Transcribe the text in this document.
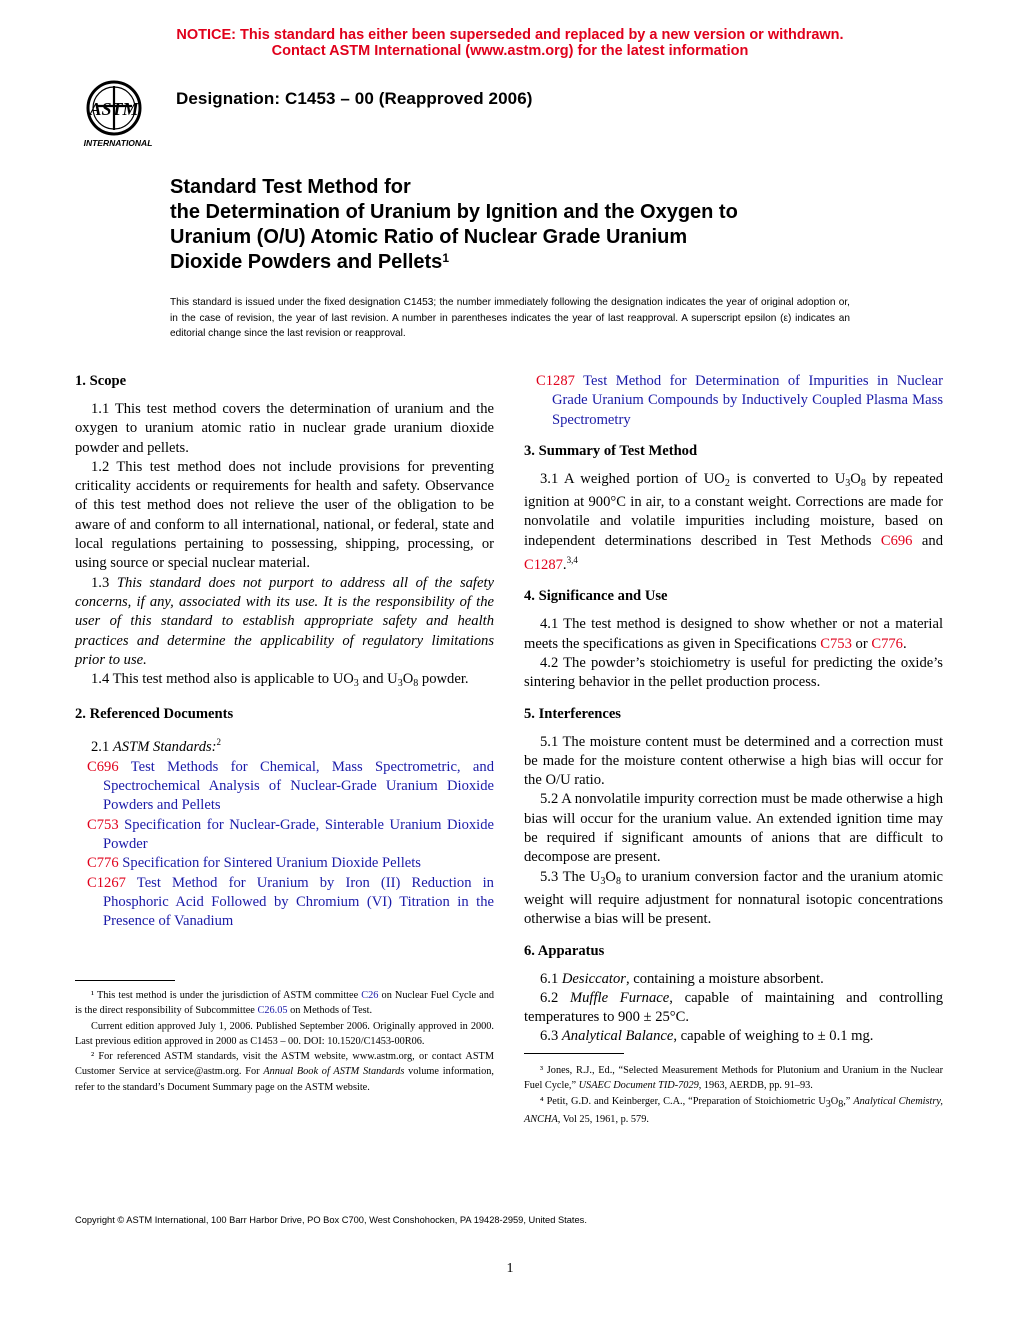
NOTICE: This standard has either been superseded and replaced by a new version or withdrawn.
Contact ASTM International (www.astm.org) for the latest information
ASTM
INTERNATIONAL
Designation: C1453 – 00 (Reapproved 2006)
Standard Test Method for
the Determination of Uranium by Ignition and the Oxygen to
Uranium (O/U) Atomic Ratio of Nuclear Grade Uranium
Dioxide Powders and Pellets$^1$
This standard is issued under the fixed designation C1453; the number immediately following the designation indicates the year of original adoption or, in the case of revision, the year of last revision. A number in parentheses indicates the year of last reapproval. A superscript epsilon (ε) indicates an editorial change since the last revision or reapproval.
1. Scope

1.1 This test method covers the determination of uranium and the oxygen to uranium atomic ratio in nuclear grade uranium dioxide powder and pellets.

1.2 This test method does not include provisions for preventing criticality accidents or requirements for health and safety. Observance of this test method does not relieve the user of the obligation to be aware of and conform to all international, national, or federal, state and local regulations pertaining to possessing, shipping, processing, or using source or special nuclear material.

1.3 This standard does not purport to address all of the safety concerns, if any, associated with its use. It is the responsibility of the user of this standard to establish appropriate safety and health practices and determine the applicability of regulatory limitations prior to use.

1.4 This test method also is applicable to $UO_3$ and $U_3O_8$ powder.

2. Referenced Documents

2.1 ASTM Standards:$^2$

C696 Test Methods for Chemical, Mass Spectrometric, and Spectrochemical Analysis of Nuclear-Grade Uranium Dioxide Powders and Pellets

C753 Specification for Nuclear-Grade, Sinterable Uranium Dioxide Powder

C776 Specification for Sintered Uranium Dioxide Pellets

C1267 Test Method for Uranium by Iron (II) Reduction in Phosphoric Acid Followed by Chromium (VI) Titration in the Presence of Vanadium

C1287 Test Method for Determination of Impurities in Nuclear Grade Uranium Compounds by Inductively Coupled Plasma Mass Spectrometry

3. Summary of Test Method

3.1 A weighed portion of $UO_2$ is converted to $U_3O_8$ by repeated ignition at 900°C in air, to a constant weight. Corrections are made for nonvolatile and volatile impurities including moisture, based on independent determinations described in Test Methods C696 and C1287.$^{3,4}$

4. Significance and Use

4.1 The test method is designed to show whether or not a material meets the specifications as given in Specifications C753 or C776.

4.2 The powder’s stoichiometry is useful for predicting the oxide’s sintering behavior in the pellet production process.

5. Interferences

5.1 The moisture content must be determined and a correction must be made for the moisture content otherwise a high bias will occur for the O/U ratio.

5.2 A nonvolatile impurity correction must be made otherwise a high bias will occur for the uranium value. An extended ignition time may be required if significant amounts of anions that are difficult to decompose are present.

5.3 The $U_3O_8$ to uranium conversion factor and the uranium atomic weight will require adjustment for nonnatural isotopic concentrations otherwise a bias will be present.

6. Apparatus

6.1 Desiccator, containing a moisture absorbent.

6.2 Muffle Furnace, capable of maintaining and controlling temperatures to 900 ± 25°C.

6.3 Analytical Balance, capable of weighing to ± 0.1 mg.

¹ This test method is under the jurisdiction of ASTM committee C26 on Nuclear Fuel Cycle and is the direct responsibility of Subcommittee C26.05 on Methods of Test.

Current edition approved July 1, 2006. Published September 2006. Originally approved in 2000. Last previous edition approved in 2000 as C1453 – 00. DOI: 10.1520/C1453-00R06.

² For referenced ASTM standards, visit the ASTM website, www.astm.org, or contact ASTM Customer Service at service@astm.org. For Annual Book of ASTM Standards volume information, refer to the standard’s Document Summary page on the ASTM website.

³ Jones, R.J., Ed., “Selected Measurement Methods for Plutonium and Uranium in the Nuclear Fuel Cycle,” USAEC Document TID-7029, 1963, AERDB, pp. 91–93.

⁴ Petit, G.D. and Keinberger, C.A., “Preparation of Stoichiometric U3O8,” Analytical Chemistry, ANCHA, Vol 25, 1961, p. 579.

Copyright © ASTM International, 100 Barr Harbor Drive, PO Box C700, West Conshohocken, PA 19428-2959, United States.
1
